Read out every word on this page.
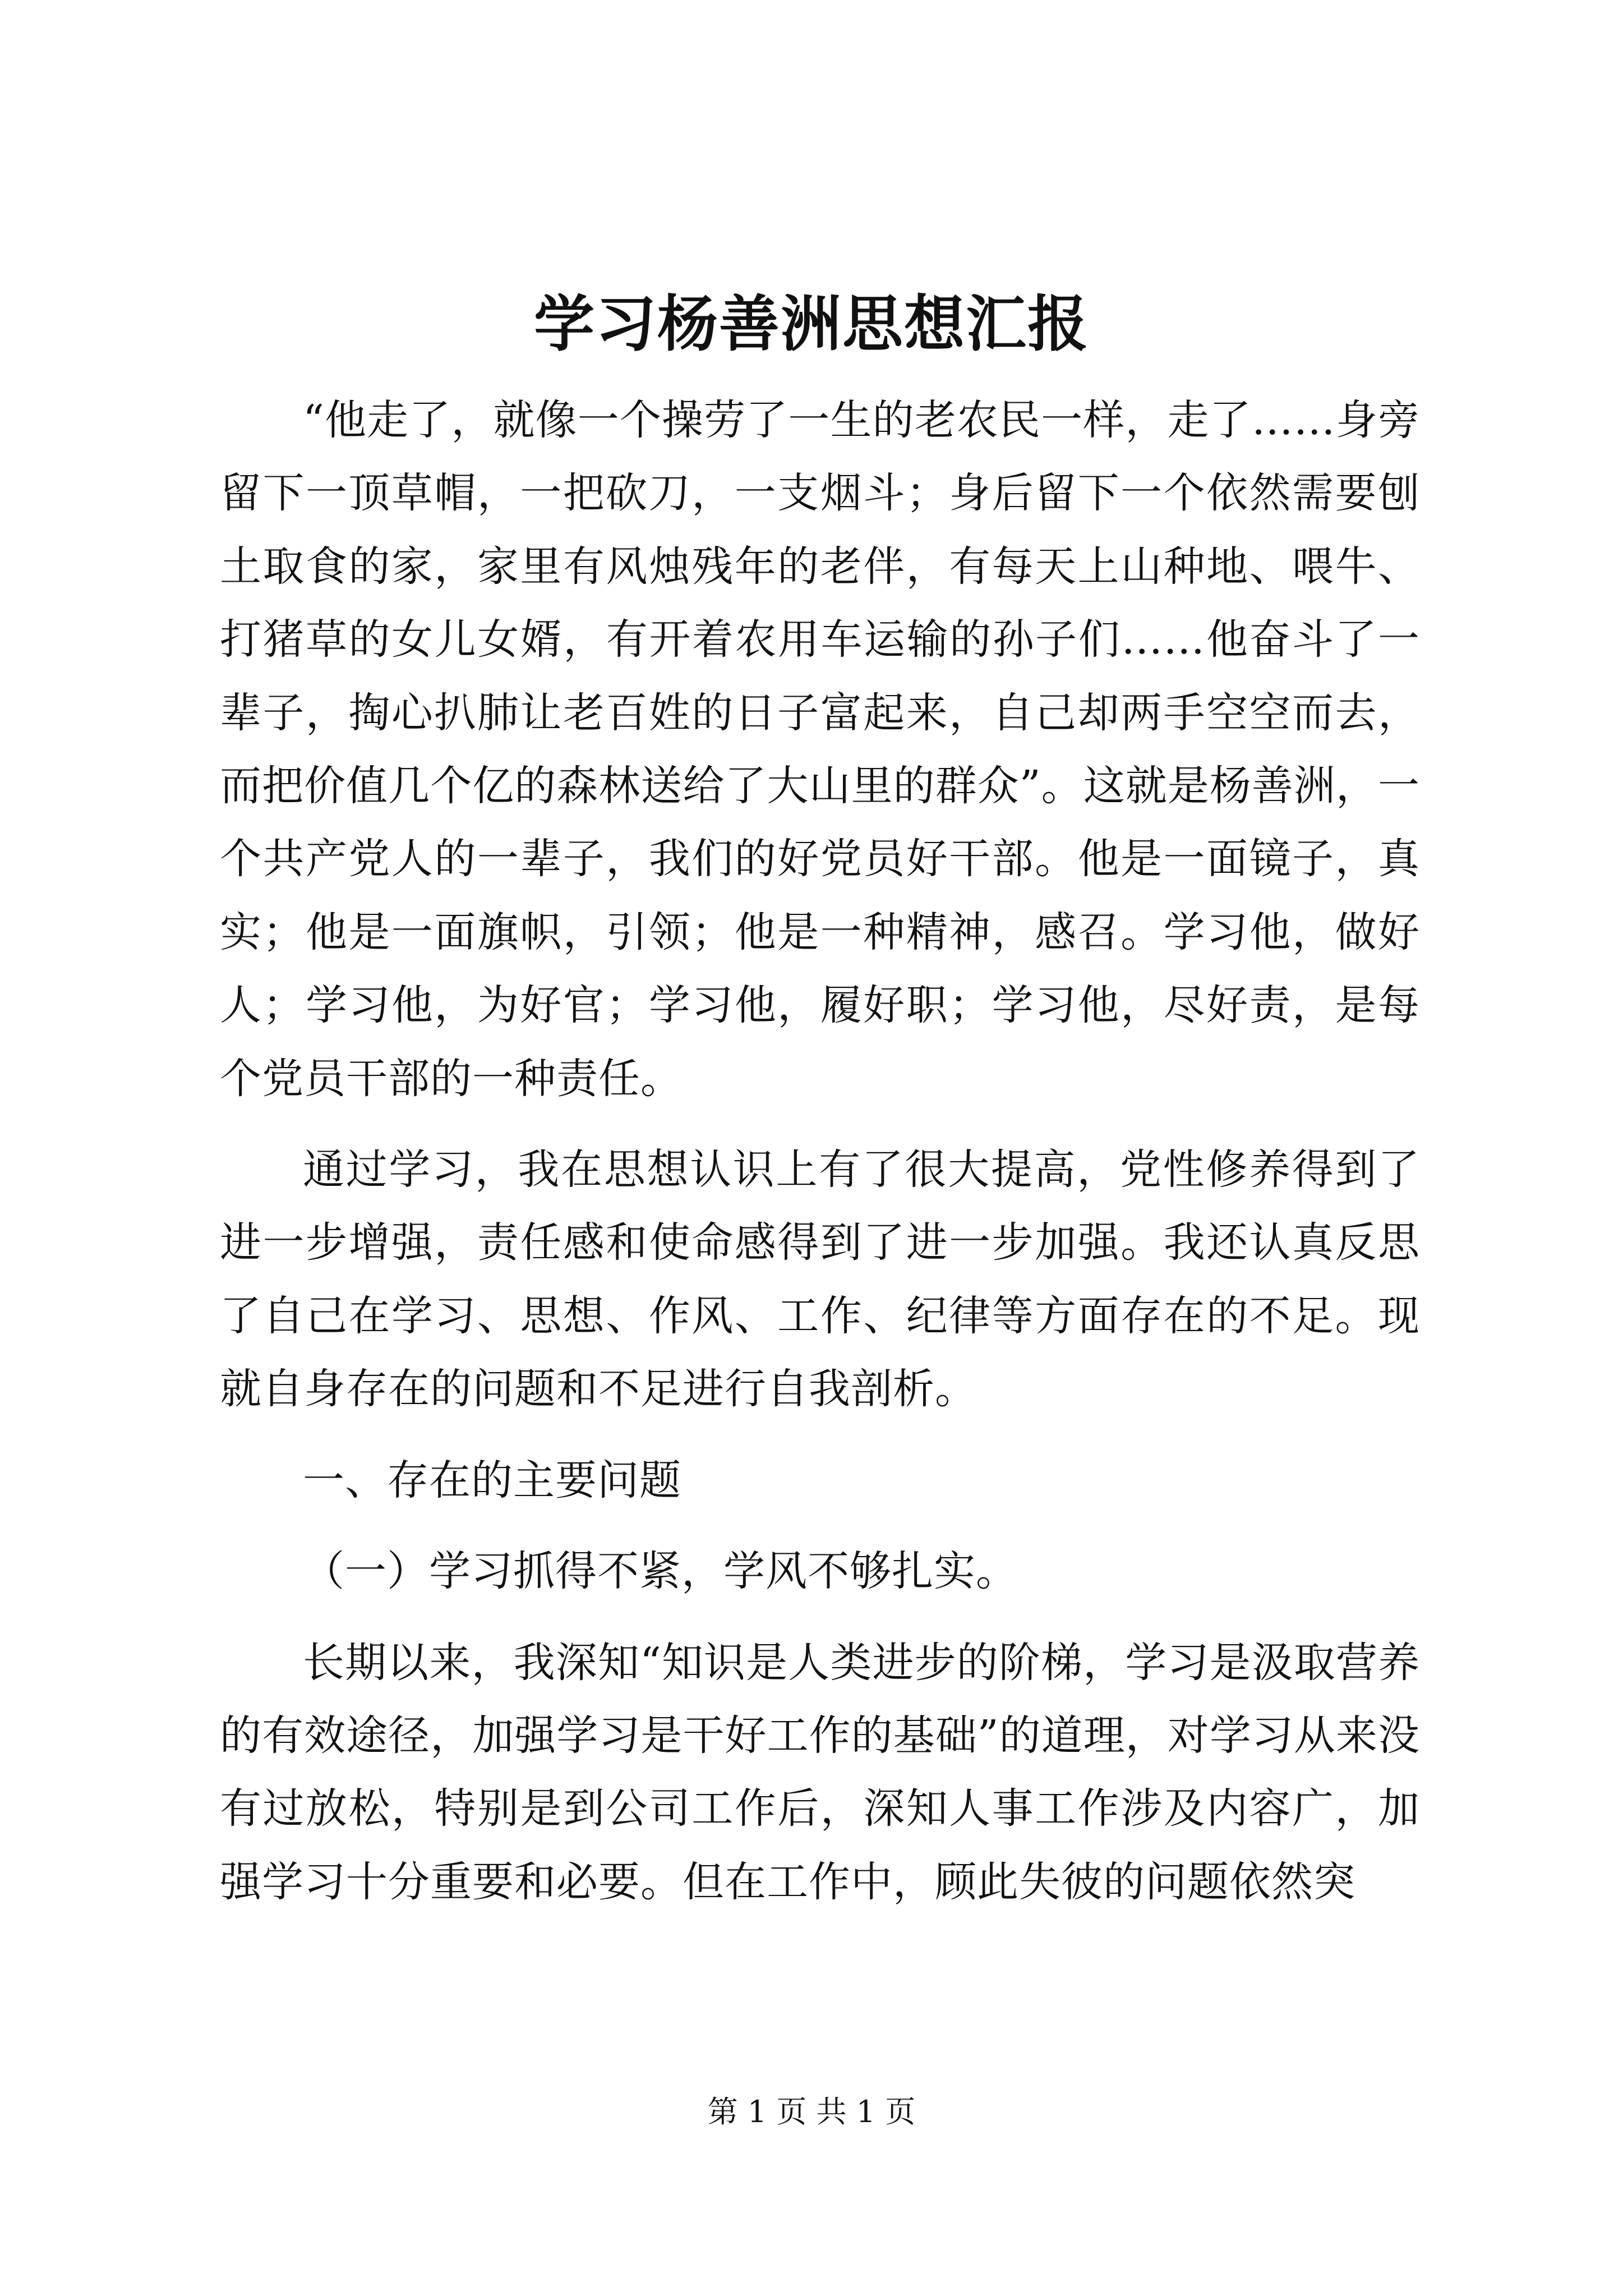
学习杨善洲思想汇报

“他走了，就像一个操劳了一生的老农民一样，走了……身旁留下一顶草帽，一把砍刀，一支烟斗；身后留下一个依然需要刨土取食的家，家里有风烛残年的老伴，有每天上山种地、喂牛、打猪草的女儿女婿，有开着农用车运输的孙子们……他奋斗了一辈子，掏心扒肺让老百姓的日子富起来，自己却两手空空而去，而把价值几个亿的森林送给了大山里的群众”。这就是杨善洲，一个共产党人的一辈子，我们的好党员好干部。他是一面镜子，真实；他是一面旗帜，引领；他是一种精神，感召。学习他，做好人；学习他，为好官；学习他，履好职；学习他，尽好责，是每个党员干部的一种责任。

通过学习，我在思想认识上有了很大提高，党性修养得到了进一步增强，责任感和使命感得到了进一步加强。我还认真反思了自己在学习、思想、作风、工作、纪律等方面存在的不足。现就自身存在的问题和不足进行自我剖析。

一、存在的主要问题

（一）学习抓得不紧，学风不够扎实。

长期以来，我深知“知识是人类进步的阶梯，学习是汲取营养的有效途径，加强学习是干好工作的基础”的道理，对学习从来没有过放松，特别是到公司工作后，深知人事工作涉及内容广，加强学习十分重要和必要。但在工作中，顾此失彼的问题依然突

第 1 页 共 1 页
